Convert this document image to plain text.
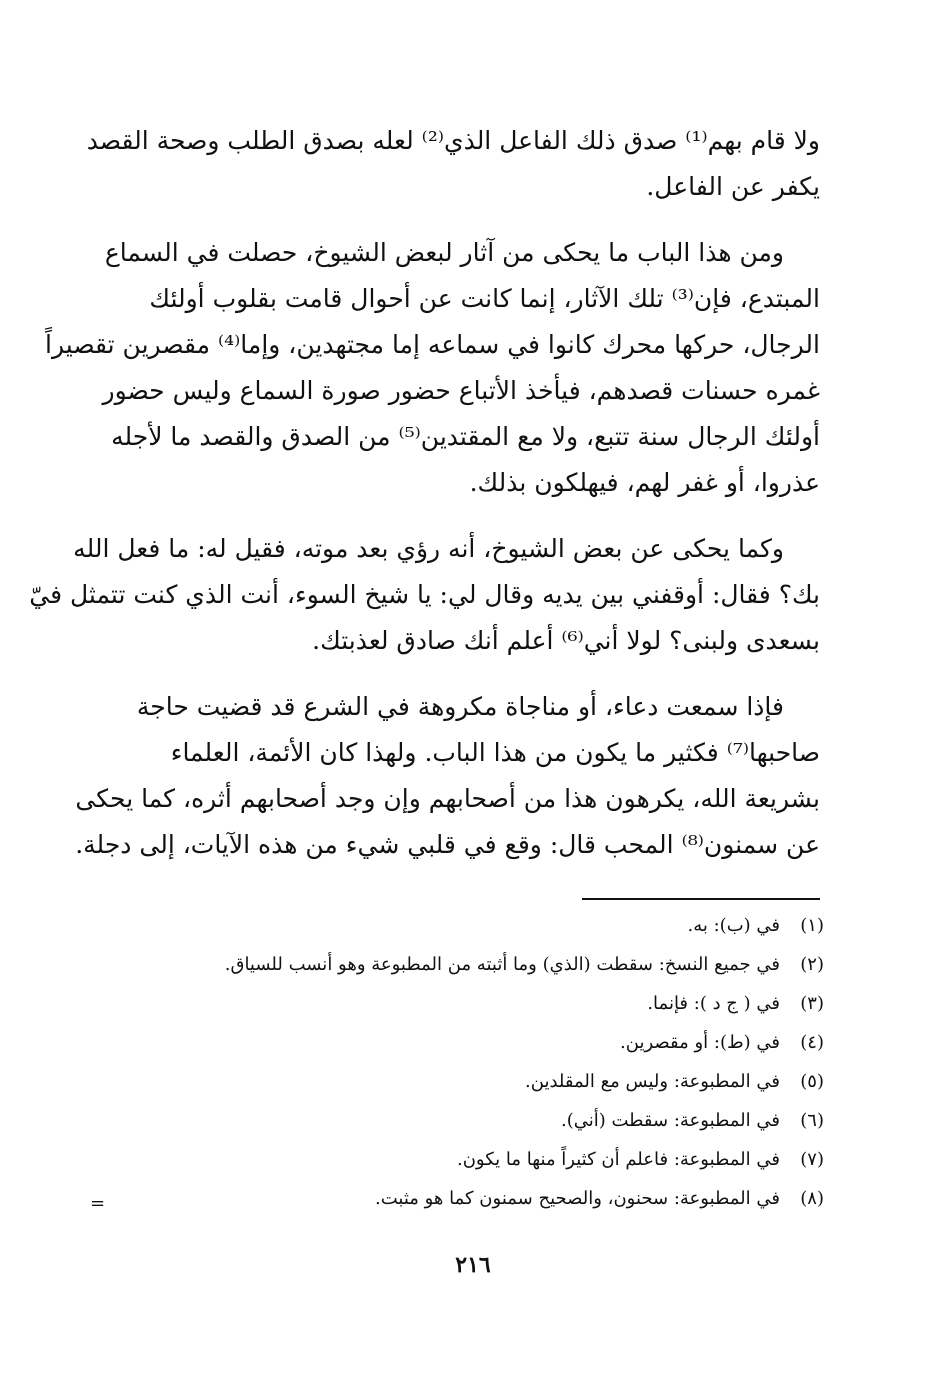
ولا قام بهم⁽¹⁾ صدق ذلك الفاعل الذي⁽²⁾ لعله بصدق الطلب وصحة القصد
يكفر عن الفاعل.

ومن هذا الباب ما يحكى من آثار لبعض الشيوخ، حصلت في السماع
المبتدع، فإن⁽³⁾ تلك الآثار، إنما كانت عن أحوال قامت بقلوب أولئك
الرجال، حركها محرك كانوا في سماعه إما مجتهدين، وإما⁽⁴⁾ مقصرين تقصيراً
غمره حسنات قصدهم، فيأخذ الأتباع حضور صورة السماع وليس حضور
أولئك الرجال سنة تتبع، ولا مع المقتدين⁽⁵⁾ من الصدق والقصد ما لأجله
عذروا، أو غفر لهم، فيهلكون بذلك.

وكما يحكى عن بعض الشيوخ، أنه رؤي بعد موته، فقيل له: ما فعل الله
بك؟ فقال: أوقفني بين يديه وقال لي: يا شيخ السوء، أنت الذي كنت تتمثل فيّ
بسعدى ولبنى؟ لولا أني⁽⁶⁾ أعلم أنك صادق لعذبتك.

فإذا سمعت دعاء، أو مناجاة مكروهة في الشرع قد قضيت حاجة
صاحبها⁽⁷⁾ فكثير ما يكون من هذا الباب. ولهذا كان الأئمة، العلماء
بشريعة الله، يكرهون هذا من أصحابهم وإن وجد أصحابهم أثره، كما يحكى
عن سمنون⁽⁸⁾ المحب قال: وقع في قلبي شيء من هذه الآيات، إلى دجلة.

(١)
في (ب): به.
(٢)
في جميع النسخ: سقطت (الذي) وما أثبته من المطبوعة وهو أنسب للسياق.
(٣)
في ( ج د ): فإنما.
(٤)
في (ط): أو مقصرين.
(٥)
في المطبوعة: وليس مع المقلدين.
(٦)
في المطبوعة: سقطت (أني).
(٧)
في المطبوعة: فاعلم أن كثيراً منها ما يكون.
(٨)
في المطبوعة: سحنون، والصحيح سمنون كما هو مثبت.
=
٢١٦
